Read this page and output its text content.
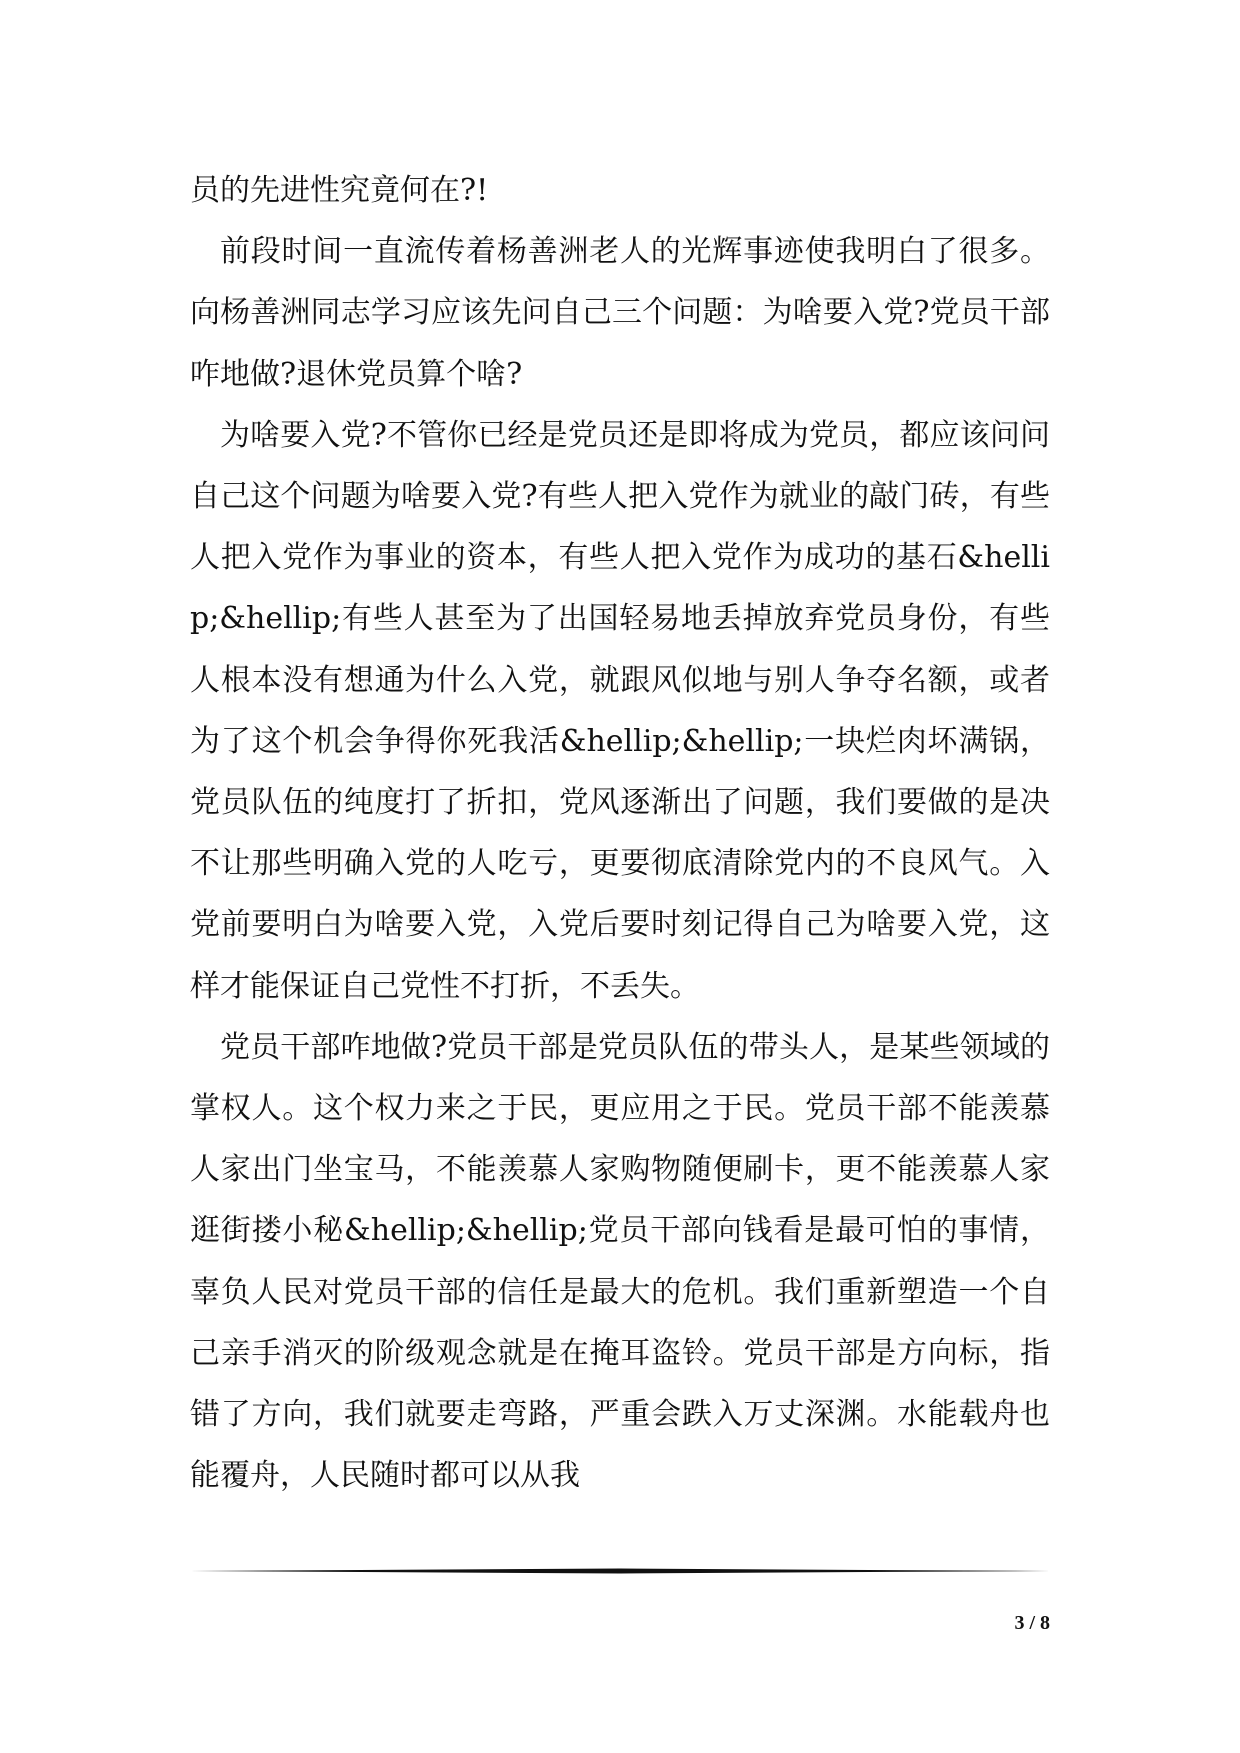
员的先进性究竟何在?!

前段时间一直流传着杨善洲老人的光辉事迹使我明白了很多。向杨善洲同志学习应该先问自己三个问题：为啥要入党?党员干部咋地做?退休党员算个啥?

为啥要入党?不管你已经是党员还是即将成为党员，都应该问问自己这个问题为啥要入党?有些人把入党作为就业的敲门砖，有些人把入党作为事业的资本，有些人把入党作为成功的基石&hellip;&hellip;有些人甚至为了出国轻易地丢掉放弃党员身份，有些人根本没有想通为什么入党，就跟风似地与别人争夺名额，或者为了这个机会争得你死我活&hellip;&hellip;一块烂肉坏满锅，党员队伍的纯度打了折扣，党风逐渐出了问题，我们要做的是决不让那些明确入党的人吃亏，更要彻底清除党内的不良风气。入党前要明白为啥要入党，入党后要时刻记得自己为啥要入党，这样才能保证自己党性不打折，不丢失。

党员干部咋地做?党员干部是党员队伍的带头人，是某些领域的掌权人。这个权力来之于民，更应用之于民。党员干部不能羡慕人家出门坐宝马，不能羡慕人家购物随便刷卡，更不能羡慕人家逛街搂小秘&hellip;&hellip;党员干部向钱看是最可怕的事情，辜负人民对党员干部的信任是最大的危机。我们重新塑造一个自己亲手消灭的阶级观念就是在掩耳盗铃。党员干部是方向标，指错了方向，我们就要走弯路，严重会跌入万丈深渊。水能载舟也能覆舟，人民随时都可以从我

3 / 8
